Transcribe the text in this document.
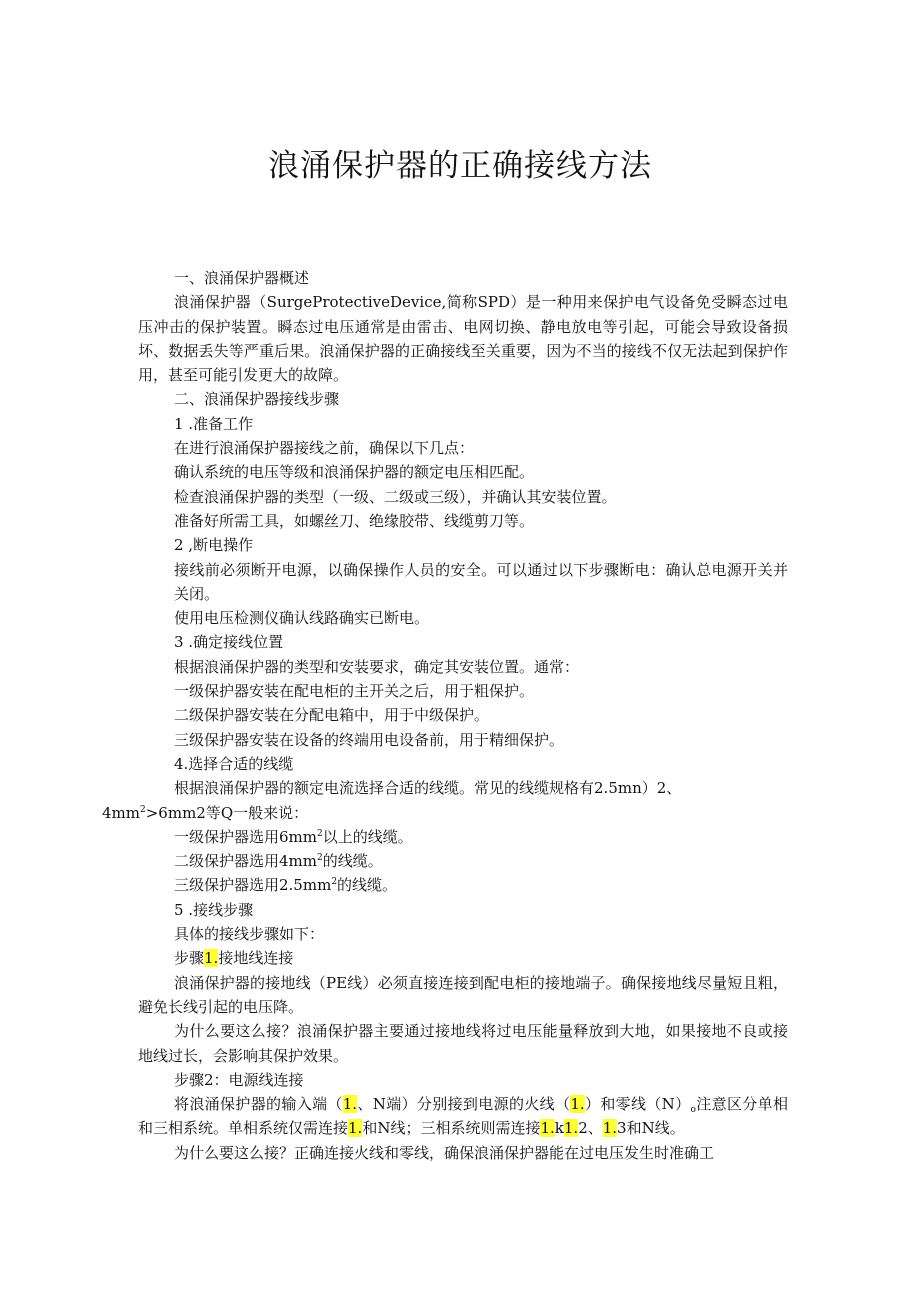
浪涌保护器的正确接线方法

一、浪涌保护器概述

浪涌保护器（SurgeProtectiveDevice,简称SPD）是一种用来保护电气设备免受瞬态过电压冲击的保护装置。瞬态过电压通常是由雷击、电网切换、静电放电等引起，可能会导致设备损坏、数据丢失等严重后果。浪涌保护器的正确接线至关重要，因为不当的接线不仅无法起到保护作用，甚至可能引发更大的故障。

二、浪涌保护器接线步骤

1 .准备工作

在进行浪涌保护器接线之前，确保以下几点：

确认系统的电压等级和浪涌保护器的额定电压相匹配。

检查浪涌保护器的类型（一级、二级或三级），并确认其安装位置。

准备好所需工具，如螺丝刀、绝缘胶带、线缆剪刀等。

2 ,断电操作

接线前必须断开电源，以确保操作人员的安全。可以通过以下步骤断电：确认总电源开关并关闭。

使用电压检测仪确认线路确实已断电。

3 .确定接线位置

根据浪涌保护器的类型和安装要求，确定其安装位置。通常：

一级保护器安装在配电柜的主开关之后，用于粗保护。

二级保护器安装在分配电箱中，用于中级保护。

三级保护器安装在设备的终端用电设备前，用于精细保护。

4.选择合适的线缆

根据浪涌保护器的额定电流选择合适的线缆。常见的线缆规格有2.5mn）2、
$4mm^2>6mm2$等Q一般来说：

一级保护器选用$6mm^2$以上的线缆。

二级保护器选用$4mm^2$的线缆。

三级保护器选用$2.5mm^2$的线缆。

5 .接线步骤

具体的接线步骤如下：

步骤1.接地线连接

浪涌保护器的接地线（PE线）必须直接连接到配电柜的接地端子。确保接地线尽量短且粗，避免长线引起的电压降。

为什么要这么接？浪涌保护器主要通过接地线将过电压能量释放到大地，如果接地不良或接地线过长，会影响其保护效果。

步骤2：电源线连接

将浪涌保护器的输入端（1.、N端）分别接到电源的火线（1.）和零线$(N)_o$注意区分单相和三相系统。单相系统仅需连接1.和N线；三相系统则需连接1.k1.2、1.3和N线。

为什么要这么接？正确连接火线和零线，确保浪涌保护器能在过电压发生时准确工
